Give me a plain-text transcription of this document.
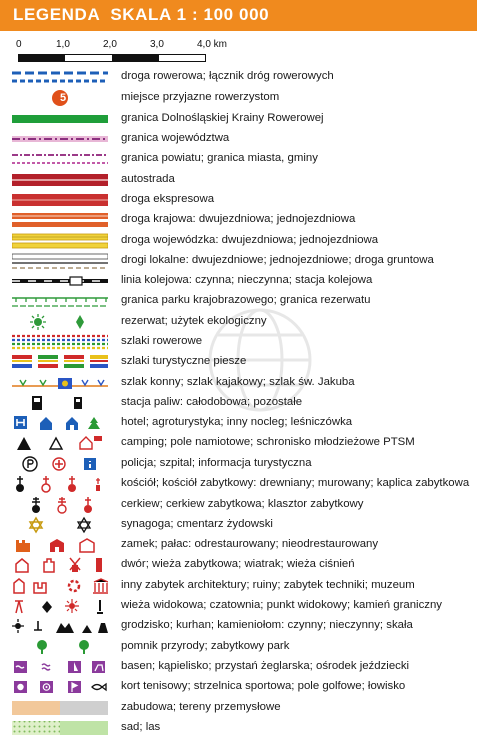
LEGENDA  SKALA 1 : 100 000
0	1,0	2,0	3,0	4,0 km
droga rowerowa; łącznik dróg rowerowych
5	miejsce przyjazne rowerzystom
granica Dolnośląskiej Krainy Rowerowej
granica województwa
granica powiatu; granica miasta, gminy
autostrada
droga ekspresowa
droga krajowa: dwujezdniowa; jednojezdniowa
droga wojewódzka: dwujezdniowa; jednojezdniowa
drogi lokalne: dwujezdniowe; jednojezdniowe; droga gruntowa
linia kolejowa: czynna; nieczynna; stacja kolejowa
granica parku krajobrazowego; granica rezerwatu
rezerwat; użytek ekologiczny
szlaki rowerowe
szlaki turystyczne piesze
szlak konny; szlak kajakowy; szlak św. Jakuba
stacja paliw: całodobowa; pozostałe
hotel; agroturystyka; inny nocleg; leśniczówka
camping; pole namiotowe; schronisko młodzieżowe PTSM
policja; szpital; informacja turystyczna
kościół; kościół zabytkowy: drewniany; murowany; kaplica zabytkowa
cerkiew; cerkiew zabytkowa; klasztor zabytkowy
synagoga; cmentarz żydowski
zamek; pałac: odrestaurowany; nieodrestaurowany
dwór; wieża zabytkowa; wiatrak; wieża ciśnień
inny zabytek architektury; ruiny; zabytek techniki; muzeum
wieża widokowa; czatownia; punkt widokowy; kamień graniczny
grodzisko; kurhan; kamieniołom: czynny; nieczynny; skała
pomnik przyrody; zabytkowy park
basen; kąpielisko; przystań żeglarska; ośrodek jeździecki
kort tenisowy; strzelnica sportowa; pole golfowe; łowisko
zabudowa; tereny przemysłowe
sad; las
